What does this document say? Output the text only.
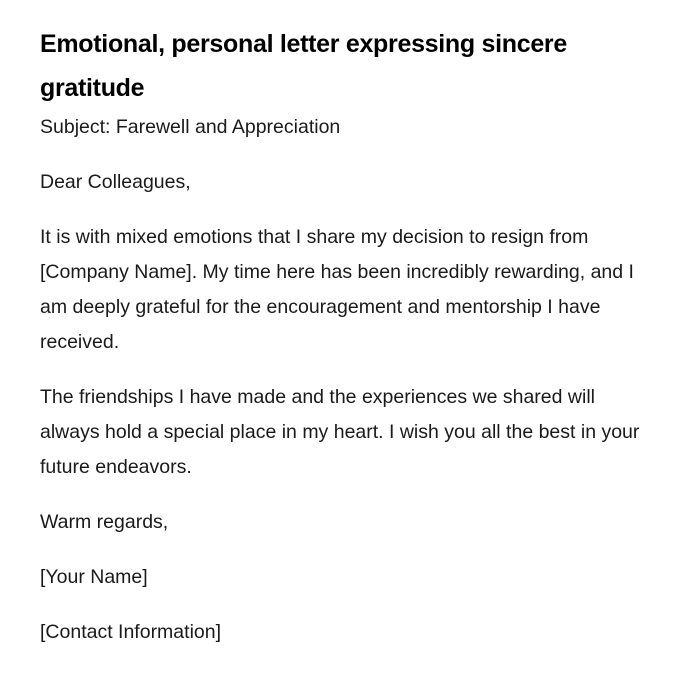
Emotional, personal letter expressing sincere gratitude

Subject: Farewell and Appreciation

Dear Colleagues,

It is with mixed emotions that I share my decision to resign from [Company Name]. My time here has been incredibly rewarding, and I am deeply grateful for the encouragement and mentorship I have received.

The friendships I have made and the experiences we shared will always hold a special place in my heart. I wish you all the best in your future endeavors.

Warm regards,

[Your Name]

[Contact Information]
